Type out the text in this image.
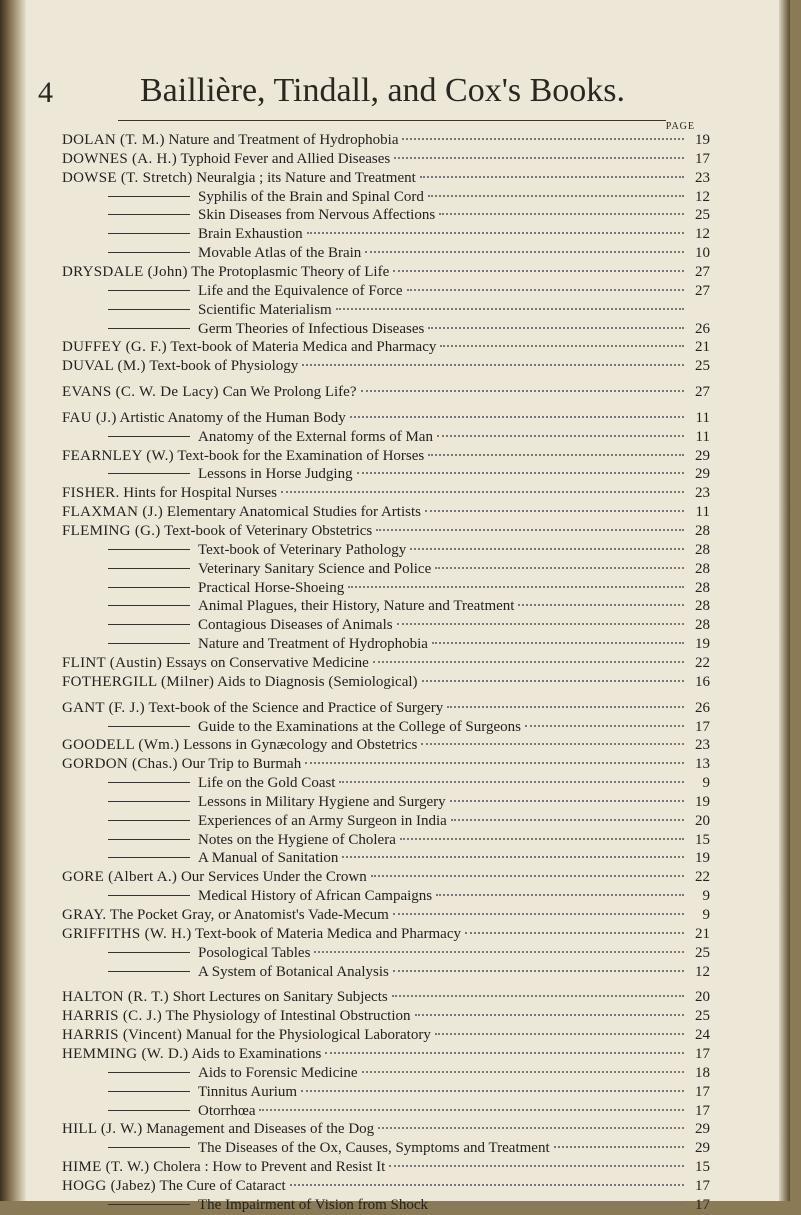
4	Baillière, Tindall, and Cox's Books.
PAGE
DOLAN (T. M.) Nature and Treatment of Hydrophobia	19
DOWNES (A. H.) Typhoid Fever and Allied Diseases	17
DOWSE (T. Stretch) Neuralgia ; its Nature and Treatment	23
Syphilis of the Brain and Spinal Cord	12
Skin Diseases from Nervous Affections	25
Brain Exhaustion	12
Movable Atlas of the Brain	10
DRYSDALE (John) The Protoplasmic Theory of Life	27
Life and the Equivalence of Force	27
Scientific Materialism
Germ Theories of Infectious Diseases	26
DUFFEY (G. F.) Text-book of Materia Medica and Pharmacy	21
DUVAL (M.) Text-book of Physiology	25
EVANS (C. W. De Lacy) Can We Prolong Life?	27
FAU (J.) Artistic Anatomy of the Human Body	11
Anatomy of the External forms of Man	11
FEARNLEY (W.) Text-book for the Examination of Horses	29
Lessons in Horse Judging	29
FISHER. Hints for Hospital Nurses	23
FLAXMAN (J.) Elementary Anatomical Studies for Artists	11
FLEMING (G.) Text-book of Veterinary Obstetrics	28
Text-book of Veterinary Pathology	28
Veterinary Sanitary Science and Police	28
Practical Horse-Shoeing	28
Animal Plagues, their History, Nature and Treatment	28
Contagious Diseases of Animals	28
Nature and Treatment of Hydrophobia	19
FLINT (Austin) Essays on Conservative Medicine	22
FOTHERGILL (Milner) Aids to Diagnosis (Semiological)	16
GANT (F. J.) Text-book of the Science and Practice of Surgery	26
Guide to the Examinations at the College of Surgeons	17
GOODELL (Wm.) Lessons in Gynæcology and Obstetrics	23
GORDON (Chas.) Our Trip to Burmah	13
Life on the Gold Coast	9
Lessons in Military Hygiene and Surgery	19
Experiences of an Army Surgeon in India	20
Notes on the Hygiene of Cholera	15
A Manual of Sanitation	19
GORE (Albert A.) Our Services Under the Crown	22
Medical History of African Campaigns	9
GRAY. The Pocket Gray, or Anatomist's Vade-Mecum	9
GRIFFITHS (W. H.) Text-book of Materia Medica and Pharmacy	21
Posological Tables	25
A System of Botanical Analysis	12
HALTON (R. T.) Short Lectures on Sanitary Subjects	20
HARRIS (C. J.) The Physiology of Intestinal Obstruction	25
HARRIS (Vincent) Manual for the Physiological Laboratory	24
HEMMING (W. D.) Aids to Examinations	17
Aids to Forensic Medicine	18
Tinnitus Aurium	17
Otorrhœa	17
HILL (J. W.) Management and Diseases of the Dog	29
The Diseases of the Ox, Causes, Symptoms and Treatment	29
HIME (T. W.) Cholera : How to Prevent and Resist It	15
HOGG (Jabez) The Cure of Cataract	17
The Impairment of Vision from Shock	17
